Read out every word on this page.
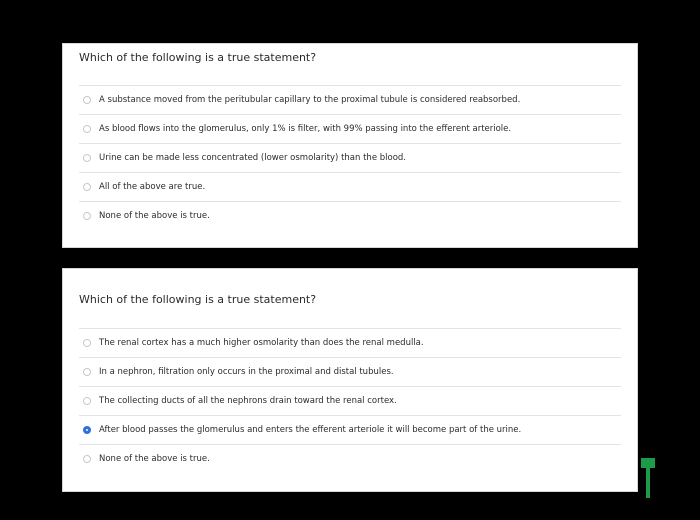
Which of the following is a true statement?
A substance moved from the peritubular capillary to the proximal tubule is considered reabsorbed.
As blood flows into the glomerulus, only 1% is filter, with 99% passing into the efferent arteriole.
Urine can be made less concentrated (lower osmolarity) than the blood.
All of the above are true.
None of the above is true.
Which of the following is a true statement?
The renal cortex has a much higher osmolarity than does the renal medulla.
In a nephron, filtration only occurs in the proximal and distal tubules.
The collecting ducts of all the nephrons drain toward the renal cortex.
After blood passes the glomerulus and enters the efferent arteriole it will become part of the urine.
None of the above is true.
